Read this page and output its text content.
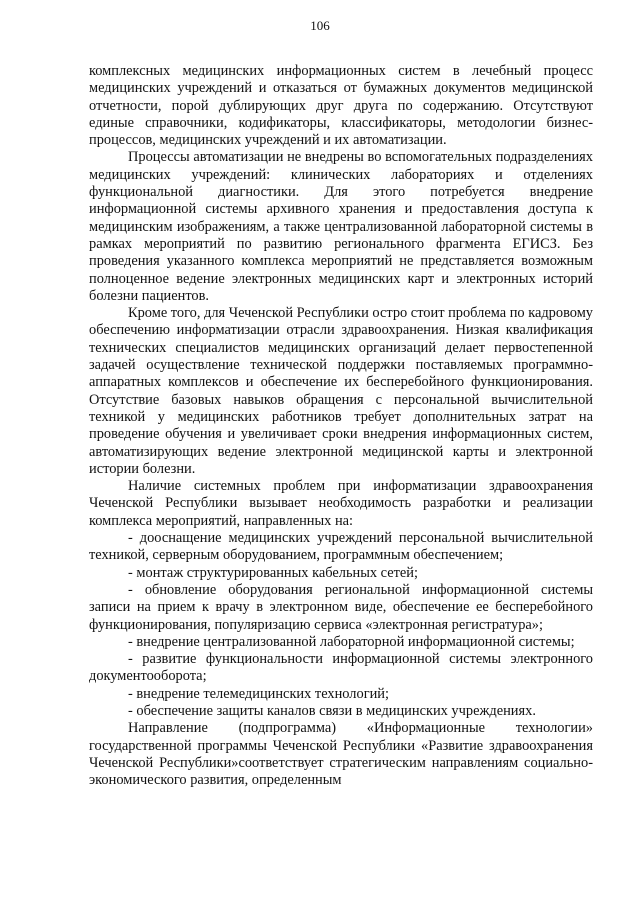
106

комплексных медицинских информационных систем в лечебный процесс медицинских учреждений и отказаться от бумажных документов медицинской отчетности, порой дублирующих друг друга по содержанию. Отсутствуют единые справочники, кодификаторы, классификаторы, методологии бизнес-процессов, медицинских учреждений и их автоматизации.

Процессы автоматизации не внедрены во вспомогательных подразделениях медицинских учреждений: клинических лабораториях и отделениях функциональной диагностики. Для этого потребуется внедрение информационной системы архивного хранения и предоставления доступа к медицинским изображениям, а также централизованной лабораторной системы в рамках мероприятий по развитию регионального фрагмента ЕГИСЗ. Без проведения указанного комплекса мероприятий не представляется возможным полноценное ведение электронных медицинских карт и электронных историй болезни пациентов.

Кроме того, для Чеченской Республики остро стоит проблема по кадровому обеспечению информатизации отрасли здравоохранения. Низкая квалификация технических специалистов медицинских организаций делает первостепенной задачей осуществление технической поддержки поставляемых программно-аппаратных комплексов и обеспечение их бесперебойного функционирования. Отсутствие базовых навыков обращения с персональной вычислительной техникой у медицинских работников требует дополнительных затрат на проведение обучения и увеличивает сроки внедрения информационных систем, автоматизирующих ведение электронной медицинской карты и электронной истории болезни.

Наличие системных проблем при информатизации здравоохранения Чеченской Республики вызывает необходимость разработки и реализации комплекса мероприятий, направленных на:

- дооснащение медицинских учреждений персональной вычислительной техникой, серверным оборудованием, программным обеспечением;

- монтаж структурированных кабельных сетей;

- обновление оборудования региональной информационной системы записи на прием к врачу в электронном виде, обеспечение ее бесперебойного функционирования, популяризацию сервиса «электронная регистратура»;

- внедрение централизованной лабораторной информационной системы;

- развитие функциональности информационной системы электронного документооборота;

- внедрение телемедицинских технологий;

- обеспечение защиты каналов связи в медицинских учреждениях.

Направление (подпрограмма) «Информационные технологии» государственной программы Чеченской Республики «Развитие здравоохранения Чеченской Республики»соответствует стратегическим направлениям социально-экономического развития, определенным
